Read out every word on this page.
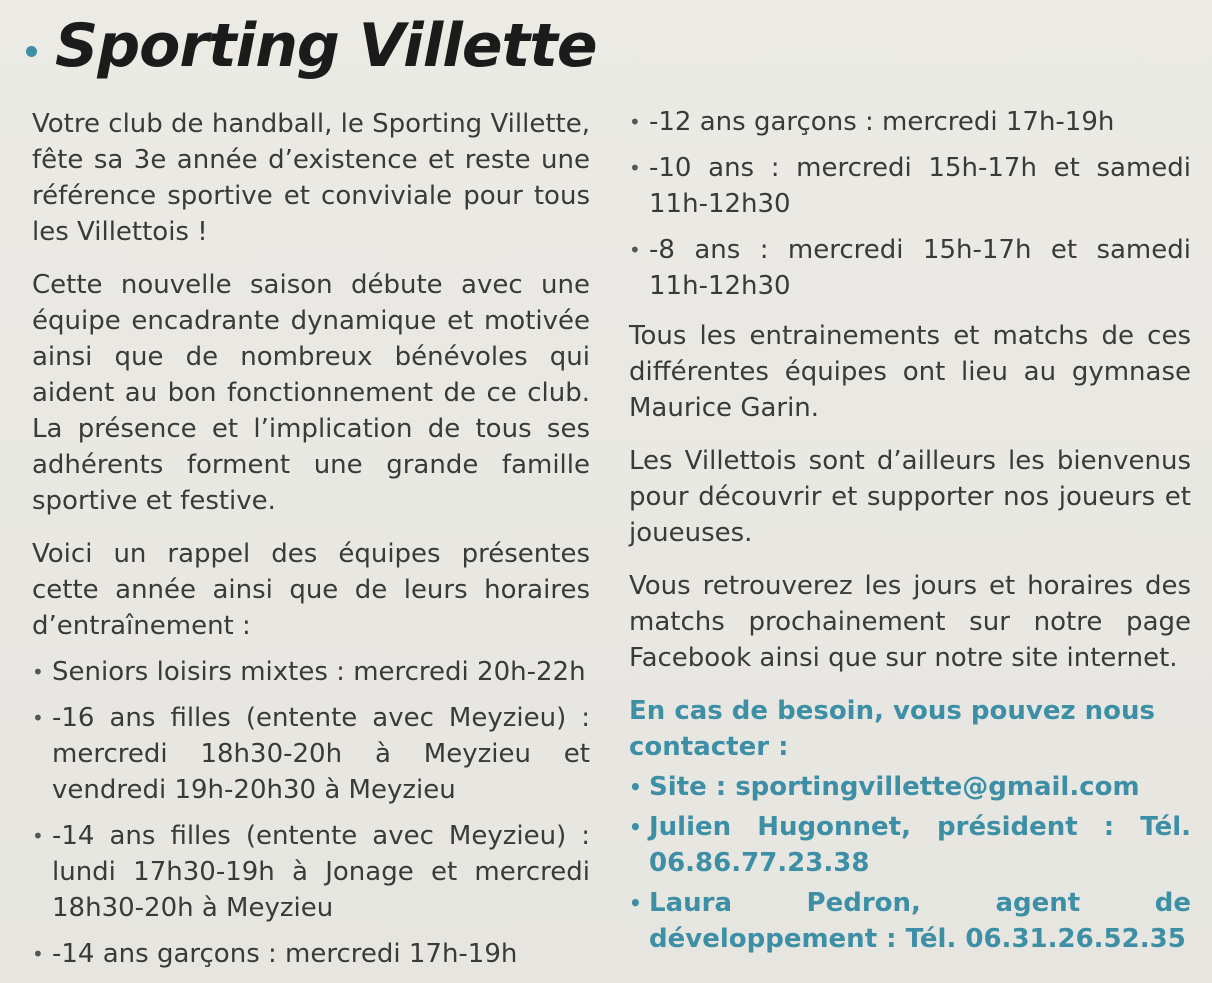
Sporting Villette

Votre club de handball, le Sporting Villette, fête sa 3e année d’existence et reste une référence sportive et conviviale pour tous les Villettois !

Cette nouvelle saison débute avec une équipe encadrante dynamique et motivée ainsi que de nombreux bénévoles qui aident au bon fonctionnement de ce club. La présence et l’implication de tous ses adhérents forment une grande famille sportive et festive.

Voici un rappel des équipes présentes cette année ainsi que de leurs horaires d’entraînement :

• Seniors loisirs mixtes : mercredi 20h-22h
• -16 ans filles (entente avec Meyzieu) : mercredi 18h30-20h à Meyzieu et vendredi 19h-20h30 à Meyzieu
• -14 ans filles (entente avec Meyzieu) : lundi 17h30-19h à Jonage et mercredi 18h30-20h à Meyzieu
• -14 ans garçons : mercredi 17h-19h
• -12 ans garçons : mercredi 17h-19h
• -10 ans : mercredi 15h-17h et samedi 11h-12h30
• -8 ans : mercredi 15h-17h et samedi 11h-12h30

Tous les entrainements et matchs de ces différentes équipes ont lieu au gymnase Maurice Garin.

Les Villettois sont d’ailleurs les bienvenus pour découvrir et supporter nos joueurs et joueuses.

Vous retrouverez les jours et horaires des matchs prochainement sur notre page Facebook ainsi que sur notre site internet.

En cas de besoin, vous pouvez nous contacter :

• Site : sportingvillette@gmail.com
• Julien Hugonnet, président : Tél. 06.86.77.23.38
• Laura Pedron, agent de développement : Tél. 06.31.26.52.35
